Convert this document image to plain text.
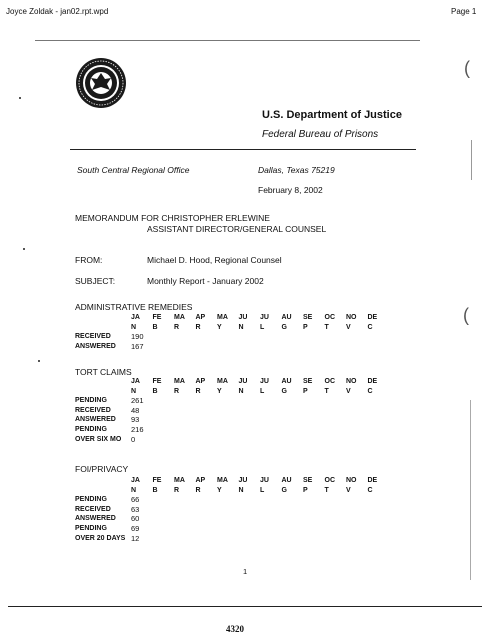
Joyce Zoldak - jan02.rpt.wpd	Page 1
U.S. Department of Justice
Federal Bureau of Prisons
South Central Regional Office	Dallas, Texas 75219
February 8, 2002
MEMORANDUM FOR CHRISTOPHER ERLEWINE
ASSISTANT DIRECTOR/GENERAL COUNSEL
FROM:	Michael D. Hood, Regional Counsel
SUBJECT:	Monthly Report - January 2002
ADMINISTRATIVE REMEDIES
	JA	FE	MA	AP	MA	JU	JU	AU	SE	OC	NO	DE
	N	B	R	R	Y	N	L	G	P	T	V	C
RECEIVED	190											
ANSWERED	167											
TORT CLAIMS
	JA	FE	MA	AP	MA	JU	JU	AU	SE	OC	NO	DE
	N	B	R	R	Y	N	L	G	P	T	V	C
PENDING	261											
RECEIVED	48											
ANSWERED	93											
PENDING	216											
OVER SIX MO	0											
FOI/PRIVACY
	JA	FE	MA	AP	MA	JU	JU	AU	SE	OC	NO	DE
	N	B	R	R	Y	N	L	G	P	T	V	C
PENDING	66											
RECEIVED	63											
ANSWERED	60											
PENDING	69											
OVER 20 DAYS	12											
1
4320
(
(
